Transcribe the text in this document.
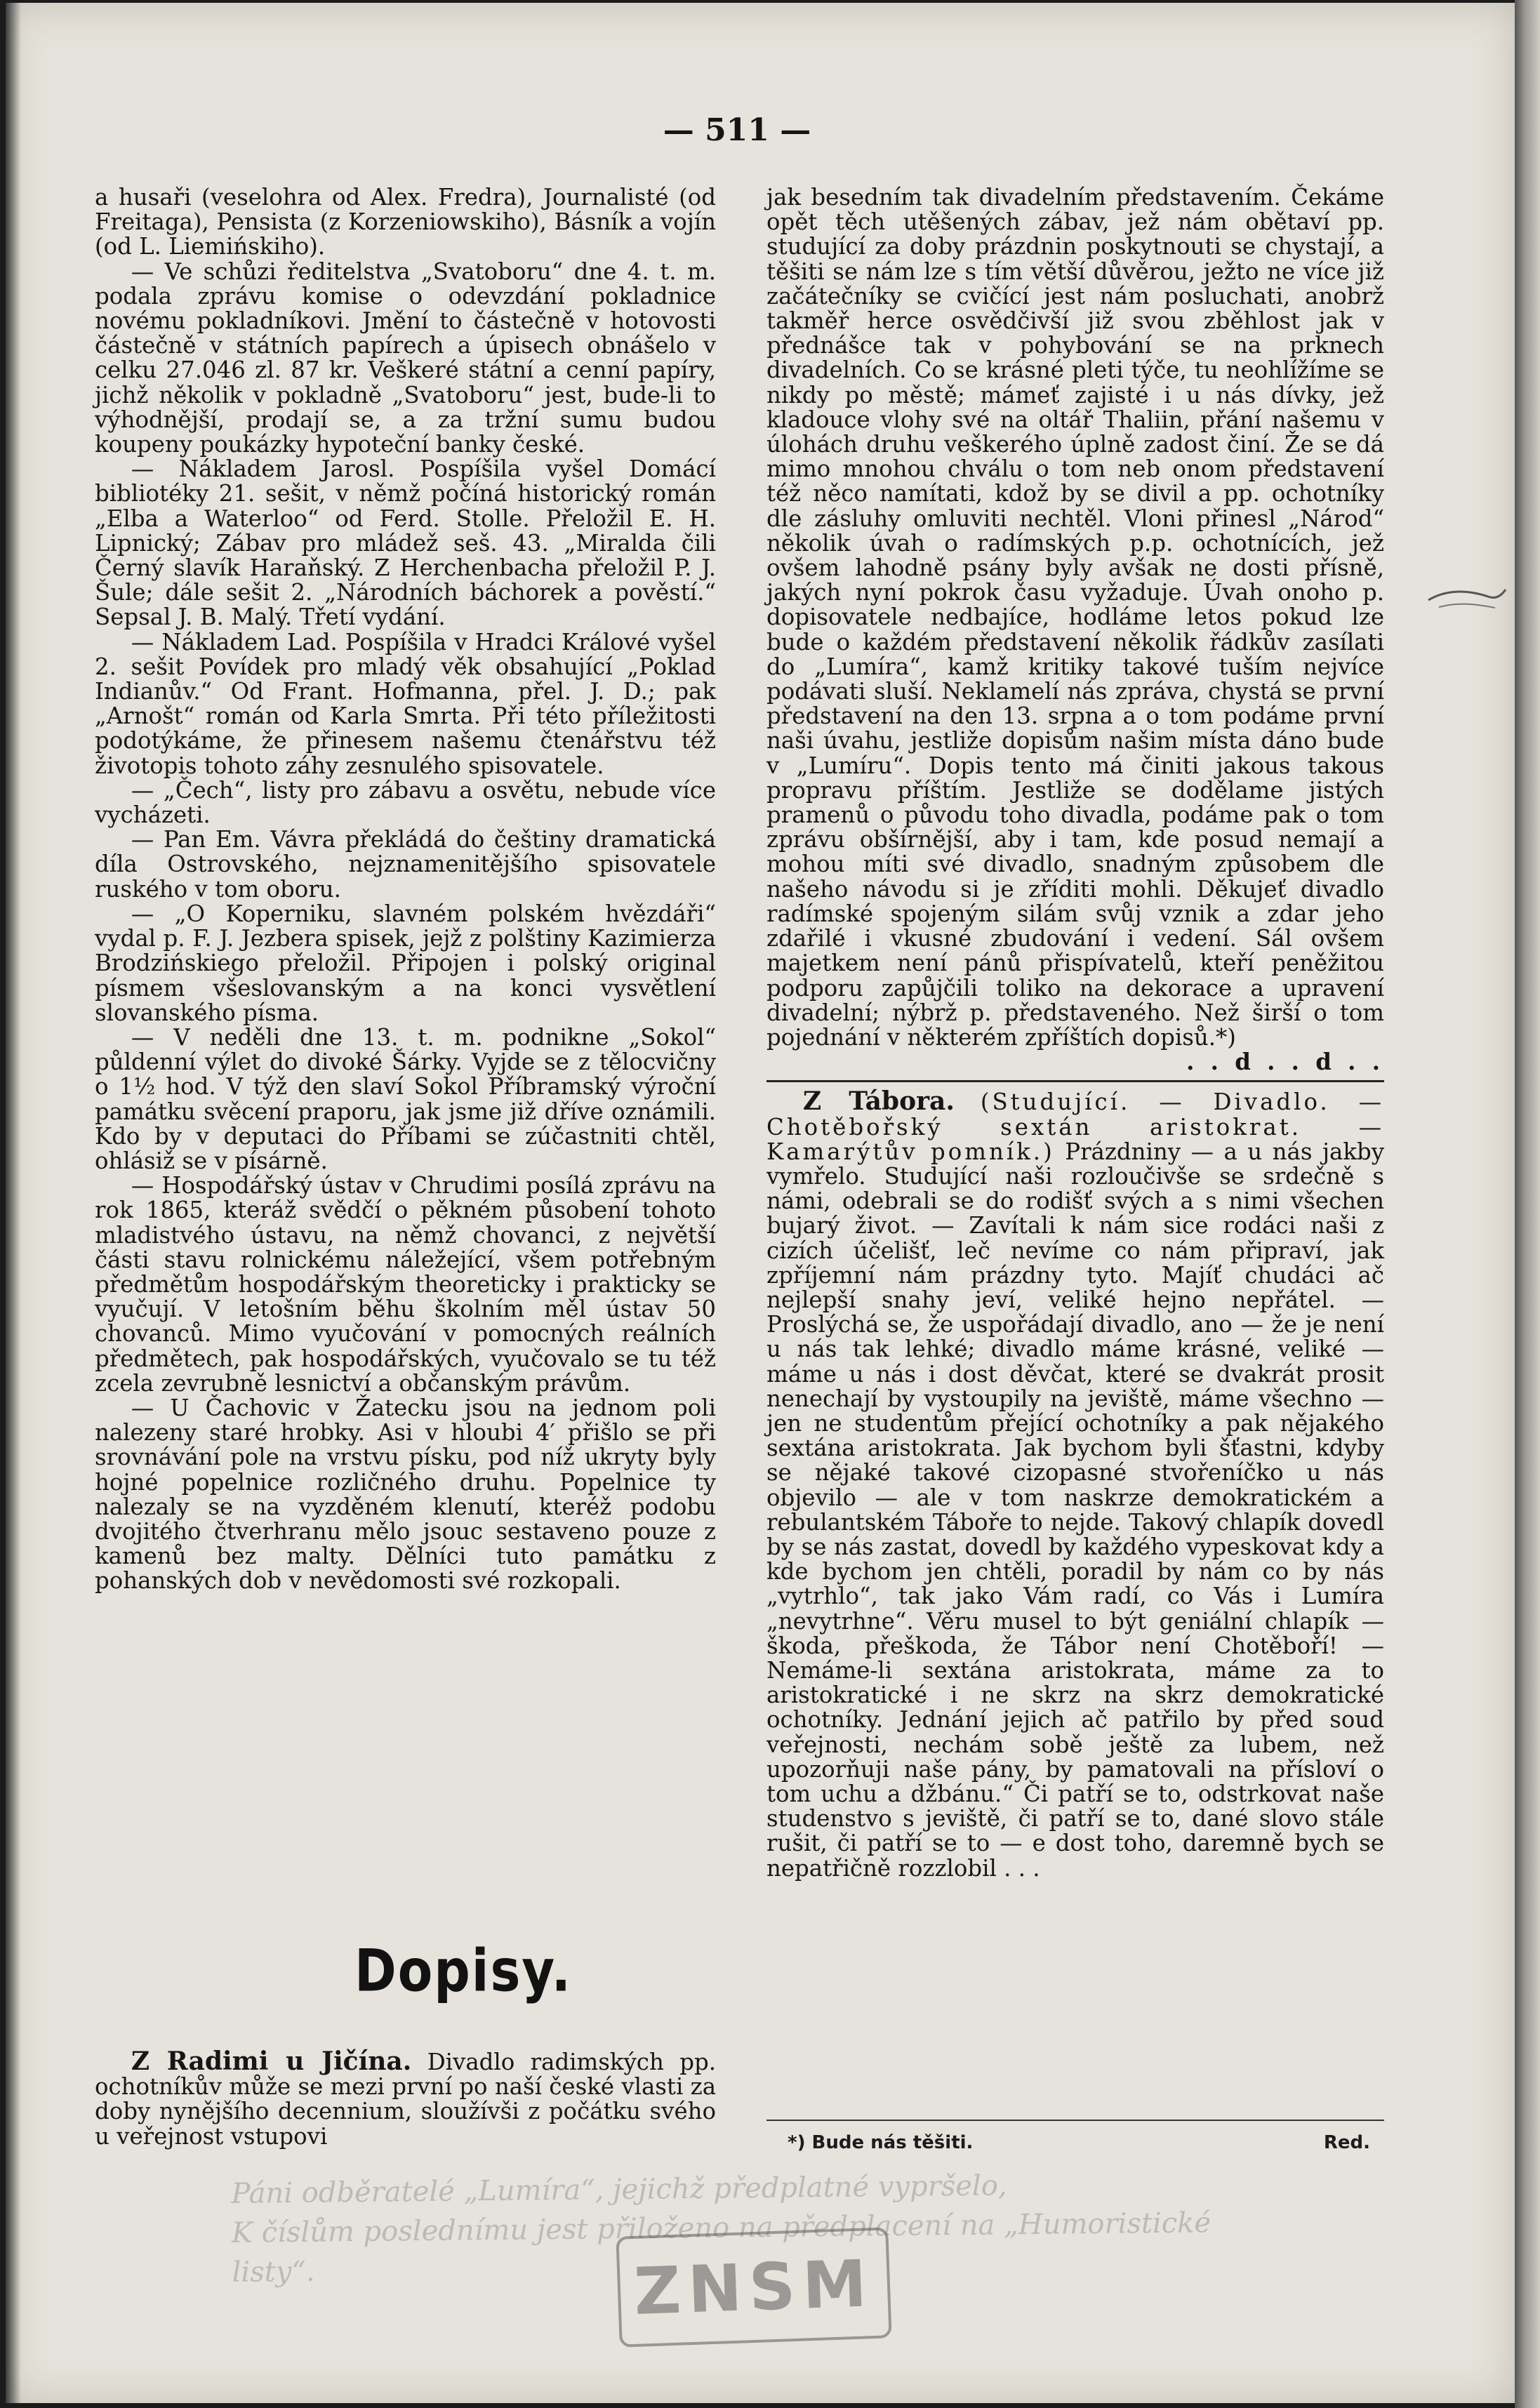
— 511 —

a husaři (veselohra od Alex. Fredra), Journalisté (od Freitaga), Pensista (z Korzeniowskiho), Básník a vojín (od L. Liemińskiho).

— Ve schůzi ředitelstva „Svatoboru“ dne 4. t. m. podala zprávu komise o odevzdání pokladnice novému pokladníkovi. Jmění to částečně v hotovosti částečně v státních papírech a úpisech obnášelo v celku 27.046 zl. 87 kr. Veškeré státní a cenní papíry, jichž několik v pokladně „Svatoboru“ jest, bude-li to výhodnější, prodají se, a za tržní sumu budou koupeny poukázky hypoteční banky české.

— Nákladem Jarosl. Pospíšila vyšel Domácí bibliotéky 21. sešit, v němž počíná historický román „Elba a Waterloo“ od Ferd. Stolle. Přeložil E. H. Lipnický; Zábav pro mládež seš. 43. „Miralda čili Černý slavík Haraňský. Z Herchenbacha přeložil P. J. Šule; dále sešit 2. „Národních báchorek a pověstí.“ Sepsal J. B. Malý. Třetí vydání.

— Nákladem Lad. Pospíšila v Hradci Králové vyšel 2. sešit Povídek pro mladý věk obsahující „Poklad Indianův.“ Od Frant. Hofmanna, přel. J. D.; pak „Arnošt“ román od Karla Smrta. Při této příležitosti podotýkáme, že přinesem našemu čtenářstvu též životopis tohoto záhy zesnulého spisovatele.

— „Čech“, listy pro zábavu a osvětu, nebude více vycházeti.

— Pan Em. Vávra překládá do češtiny dramatická díla Ostrovského, nejznamenitějšího spisovatele ruského v tom oboru.

— „O Koperniku, slavném polském hvězdáři“ vydal p. F. J. Jezbera spisek, jejž z polštiny Kazimierza Brodzińskiego přeložil. Připojen i polský original písmem všeslovanským a na konci vysvětlení slovanského písma.

— V neděli dne 13. t. m. podnikne „Sokol“ půldenní výlet do divoké Šárky. Vyjde se z tělocvičny o 1½ hod. V týž den slaví Sokol Příbramský výroční památku svěcení praporu, jak jsme již dříve oznámili. Kdo by v deputaci do Příbami se zúčastniti chtěl, ohlásiž se v písárně.

— Hospodářský ústav v Chrudimi posílá zprávu na rok 1865, kteráž svědčí o pěkném působení tohoto mladistvého ústavu, na němž chovanci, z největší části stavu rolnickému náležející, všem potřebným předmětům hospodářským theoreticky i prakticky se vyučují. V letošním běhu školním měl ústav 50 chovanců. Mimo vyučování v pomocných reálních předmětech, pak hospodářských, vyučovalo se tu též zcela zevrubně lesnictví a občanským právům.

— U Čachovic v Žatecku jsou na jednom poli nalezeny staré hrobky. Asi v hloubi 4′ přišlo se při srovnávání pole na vrstvu písku, pod níž ukryty byly hojné popelnice rozličného druhu. Popelnice ty nalezaly se na vyzděném klenutí, kteréž podobu dvojitého čtverhranu mělo jsouc sestaveno pouze z kamenů bez malty. Dělníci tuto památku z pohanských dob v nevědomosti své rozkopali.

Dopisy.

Z Radimi u Jičína. Divadlo radimských pp. ochotníkův může se mezi první po naší české vlasti za doby nynějšího decennium, sloužívši z počátku svého u veřejnost vstupovi

jak besedním tak divadelním představením. Čekáme opět těch utěšených zábav, jež nám obětaví pp. studující za doby prázdnin poskytnouti se chystají, a těšiti se nám lze s tím větší důvěrou, ježto ne více již začátečníky se cvičící jest nám posluchati, anobrž takměř herce osvědčivší již svou zběhlost jak v přednášce tak v pohybování se na prknech divadelních. Co se krásné pleti týče, tu neohlížíme se nikdy po městě; mámeť zajisté i u nás dívky, jež kladouce vlohy své na oltář Thaliin, přání našemu v úlohách druhu veškerého úplně zadost činí. Že se dá mimo mnohou chválu o tom neb onom představení též něco namítati, kdož by se divil a pp. ochotníky dle zásluhy omluviti nechtěl. Vloni přinesl „Národ“ několik úvah o radímských p.p. ochotnících, jež ovšem lahodně psány byly avšak ne dosti přísně, jakých nyní pokrok času vyžaduje. Úvah onoho p. dopisovatele nedbajíce, hodláme letos pokud lze bude o každém představení několik řádkův zasílati do „Lumíra“, kamž kritiky takové tuším nejvíce podávati sluší. Neklamelí nás zpráva, chystá se první představení na den 13. srpna a o tom podáme první naši úvahu, jestliže dopisům našim místa dáno bude v „Lumíru“. Dopis tento má činiti jakous takous propravu příštím. Jestliže se dodělame jistých pramenů o původu toho divadla, podáme pak o tom zprávu obšírnější, aby i tam, kde posud nemají a mohou míti své divadlo, snadným způsobem dle našeho návodu si je zříditi mohli. Děkujeť divadlo radímské spojeným silám svůj vznik a zdar jeho zdařilé i vkusné zbudování i vedení. Sál ovšem majetkem není pánů přispívatelů, kteří peněžitou podporu zapůjčili toliko na dekorace a upravení divadelní; nýbrž p. představeného. Než širší o tom pojednání v některém zpříštích dopisů.*)

. . d . . d . .

Z Tábora. (Studující. — Divadlo. — Chotěbořský sextán aristokrat. — Kamarýtův pomník.) Prázdniny — a u nás jakby vymřelo. Studující naši rozloučivše se srdečně s námi, odebrali se do rodišť svých a s nimi všechen bujarý život. — Zavítali k nám sice rodáci naši z cizích účelišť, leč nevíme co nám připraví, jak zpříjemní nám prázdny tyto. Majíť chudáci ač nejlepší snahy jeví, veliké hejno nepřátel. — Proslýchá se, že uspořádají divadlo, ano — že je není u nás tak lehké; divadlo máme krásné, veliké — máme u nás i dost děvčat, které se dvakrát prosit nenechají by vystoupily na jeviště, máme všechno — jen ne studentům přející ochotníky a pak nějakého sextána aristokrata. Jak bychom byli šťastni, kdyby se nějaké takové cizopasné stvořeníčko u nás objevilo — ale v tom naskrze demokratickém a rebulantském Táboře to nejde. Takový chlapík dovedl by se nás zastat, dovedl by každého vypeskovat kdy a kde bychom jen chtěli, poradil by nám co by nás „vytrhlo“, tak jako Vám radí, co Vás i Lumíra „nevytrhne“. Věru musel to být geniální chlapík — škoda, přeškoda, že Tábor není Chotěboří! — Nemáme-li sextána aristokrata, máme za to aristokratické i ne skrz na skrz demokratické ochotníky. Jednání jejich ač patřilo by před soud veřejnosti, nechám sobě ještě za lubem, než upozorňuji naše pány, by pamatovali na přísloví o tom uchu a džbánu.“ Či patří se to, odstrkovat naše studenstvo s jeviště, či patří se to, dané slovo stále rušit, či patří se to — e dost toho, daremně bych se nepatřičně rozzlobil . . .

*) Bude nás těšiti.	Red.
Páni odběratelé „Lumíra“, jejichž předplatné vypršelo,
K číslům poslednímu jest přiloženo na předplacení na „Humoristické listy“.	ZNSM
